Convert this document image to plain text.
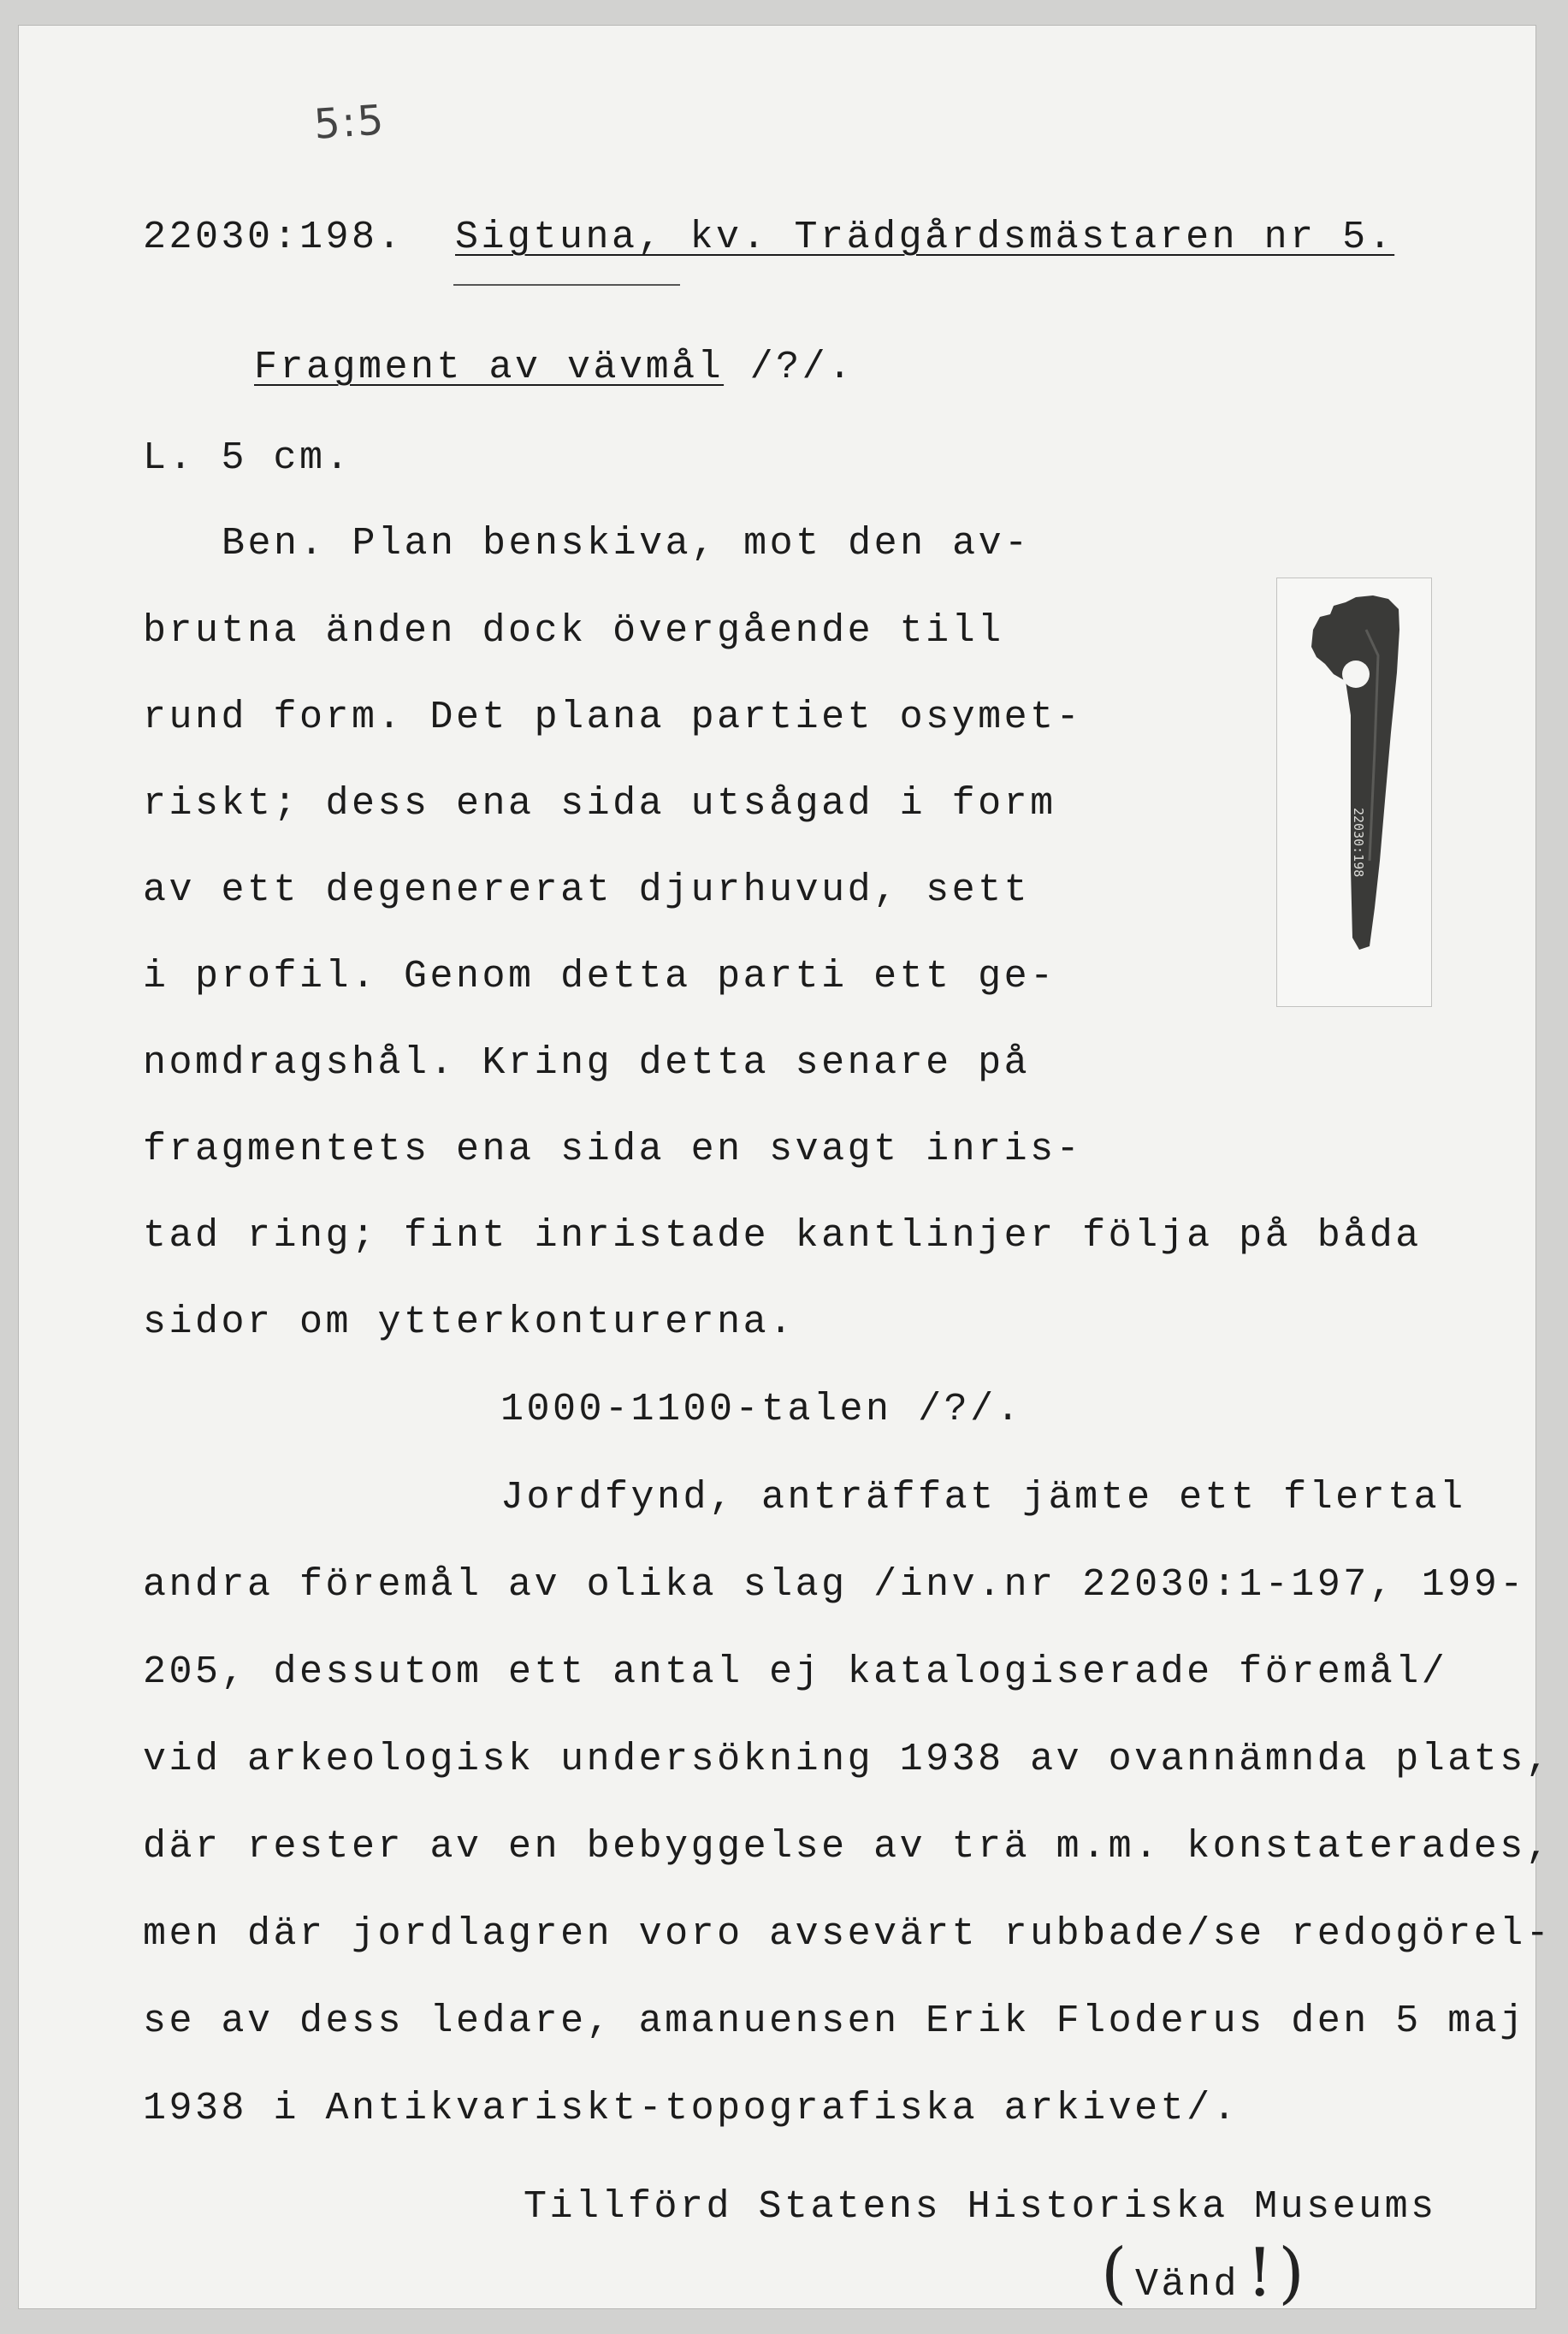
5:5
22030:198. Sigtuna, kv. Trädgårdsmästaren nr 5.
Fragment av vävmål /?/.
L. 5 cm.
Ben. Plan benskiva, mot den av-
brutna änden dock övergående till
rund form. Det plana partiet osymet-
riskt; dess ena sida utsågad i form
av ett degenererat djurhuvud, sett
i profil. Genom detta parti ett ge-
nomdragshål. Kring detta senare på
fragmentets ena sida en svagt inris-
tad ring; fint inristade kantlinjer följa på båda
sidor om ytterkonturerna.
1000-1100-talen /?/.
Jordfynd, anträffat jämte ett flertal
andra föremål av olika slag /inv.nr 22030:1-197, 199-
205, dessutom ett antal ej katalogiserade föremål/
vid arkeologisk undersökning 1938 av ovannämnda plats,
där rester av en bebyggelse av trä m.m. konstaterades,
men där jordlagren voro avsevärt rubbade/se redogörel-
se av dess ledare, amanuensen Erik Floderus den 5 maj
1938 i Antikvariskt-topografiska arkivet/.
Tillförd Statens Historiska Museums
( Vänd !)
22030:198
